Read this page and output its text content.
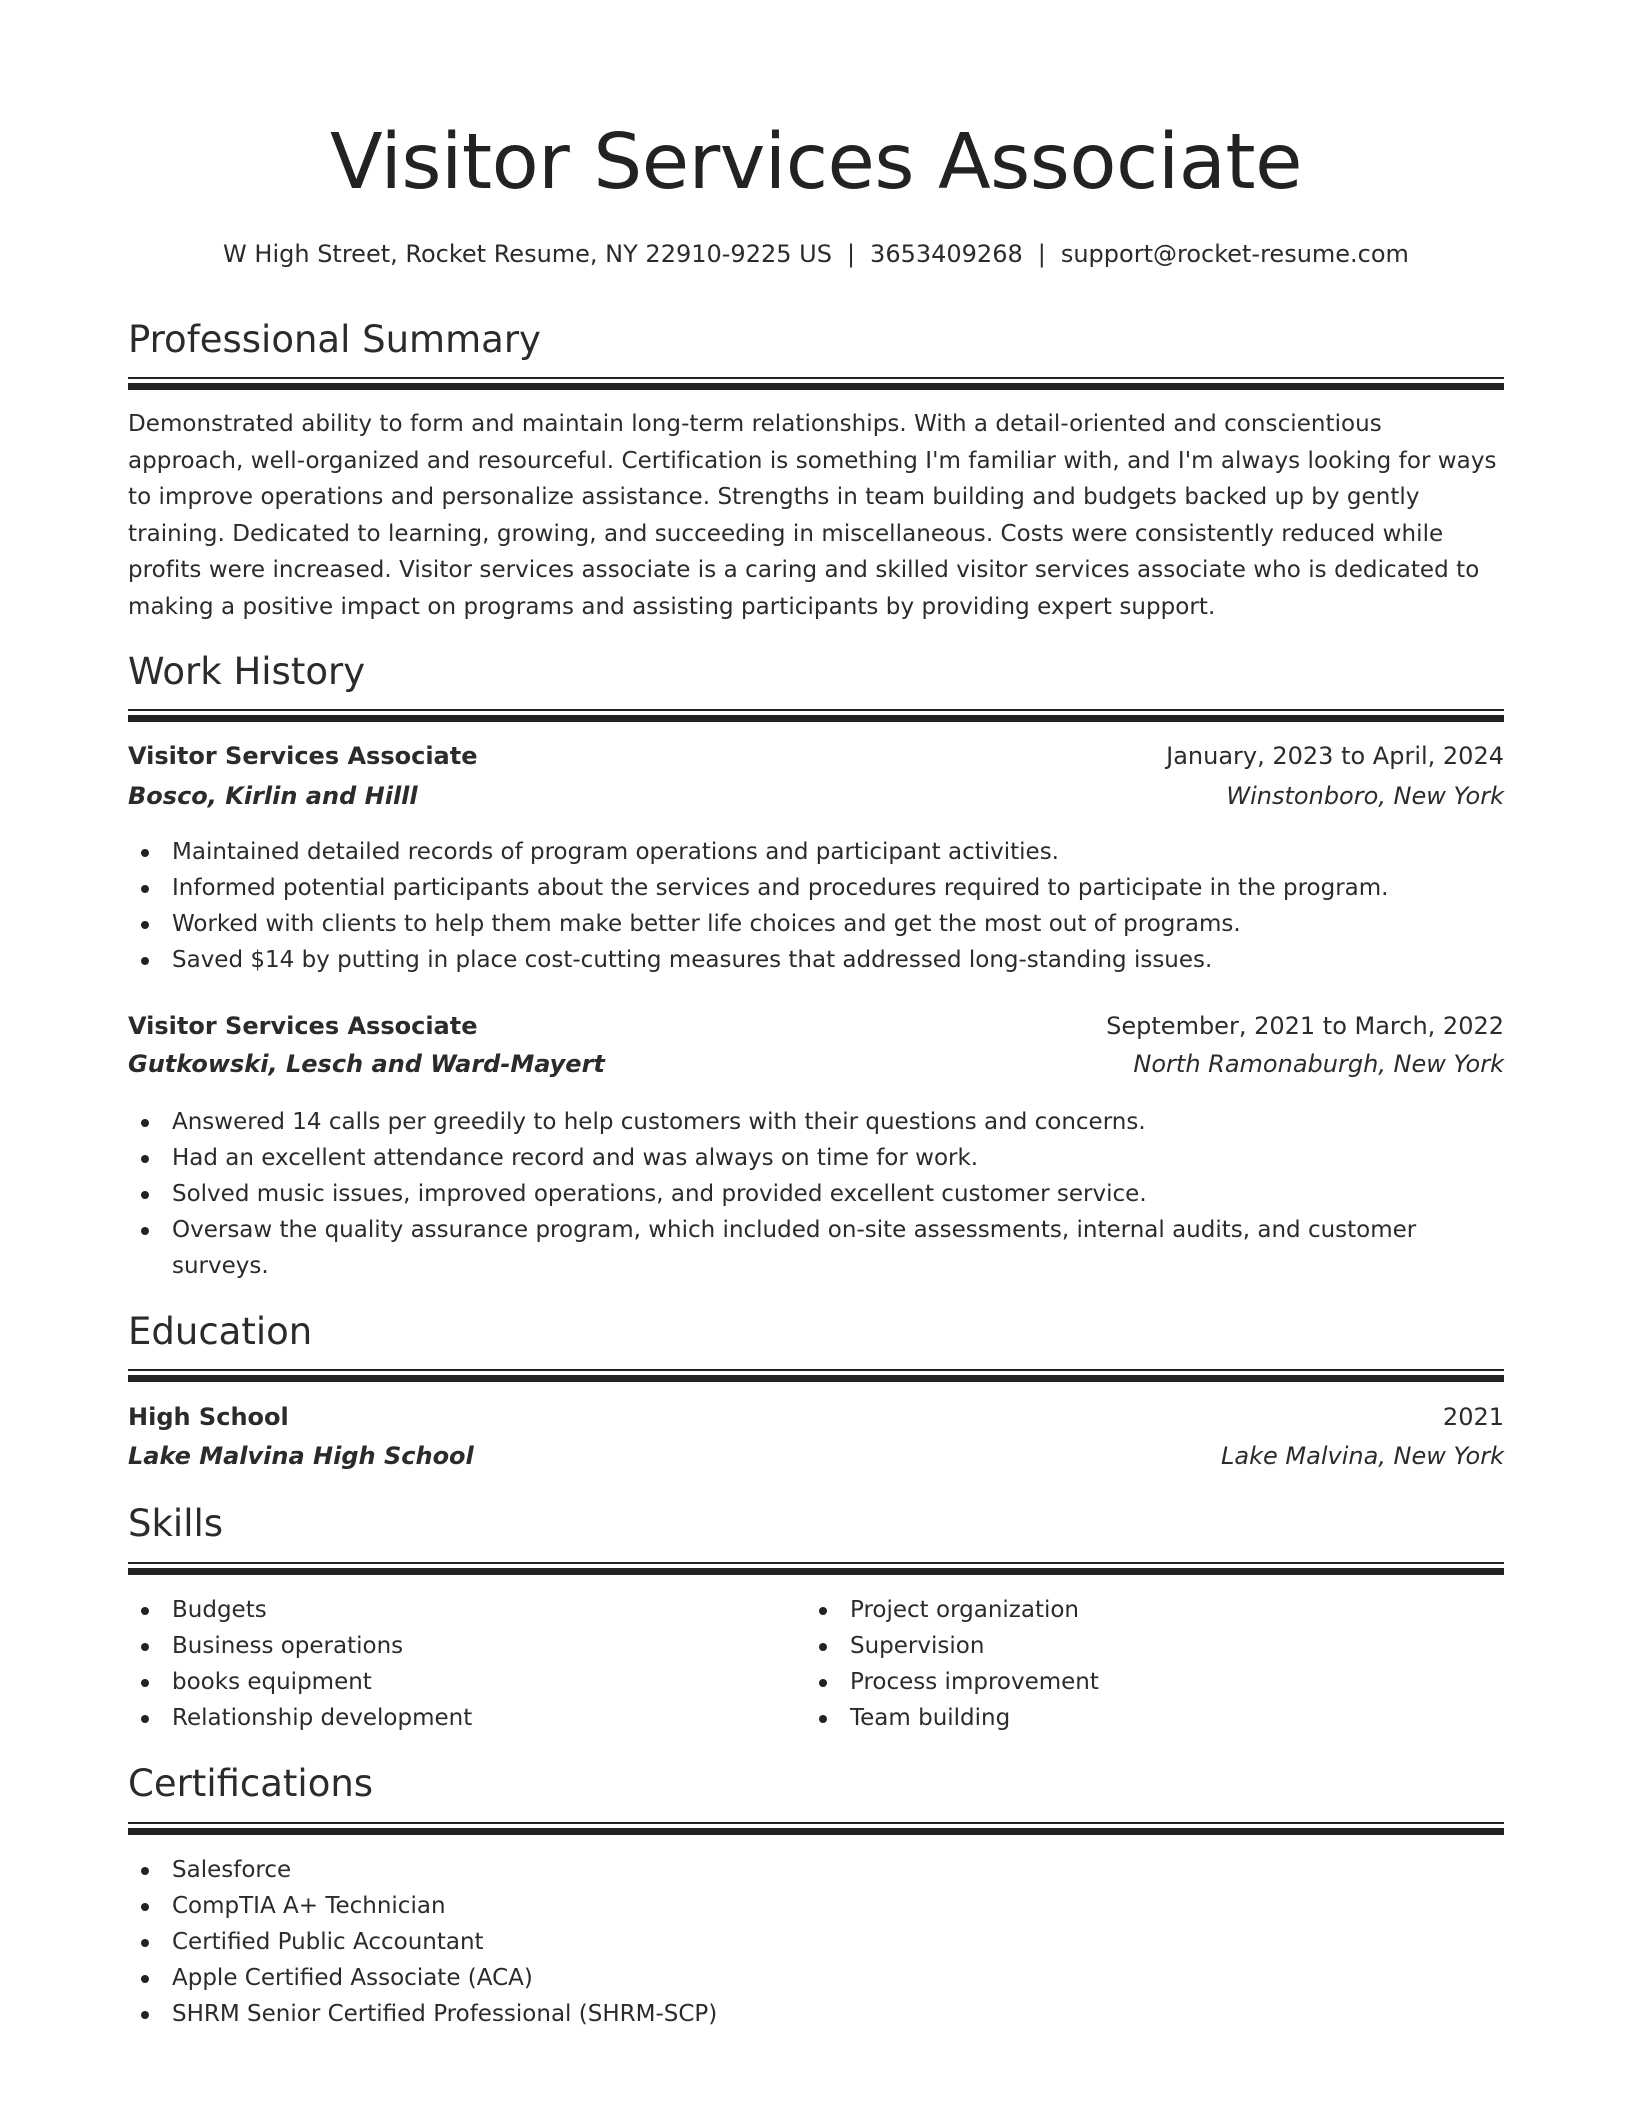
Visitor Services Associate
W High Street, Rocket Resume, NY 22910-9225 US | 3653409268 | support@rocket-resume.com
Professional Summary

Demonstrated ability to form and maintain long-term relationships. With a detail-oriented and conscientious approach, well-organized and resourceful. Certification is something I'm familiar with, and I'm always looking for ways to improve operations and personalize assistance. Strengths in team building and budgets backed up by gently training. Dedicated to learning, growing, and succeeding in miscellaneous. Costs were consistently reduced while profits were increased. Visitor services associate is a caring and skilled visitor services associate who is dedicated to making a positive impact on programs and assisting participants by providing expert support.

Work History
Visitor Services Associate	January, 2023 to April, 2024
Bosco, Kirlin and Hilll	Winstonboro, New York
Maintained detailed records of program operations and participant activities.
Informed potential participants about the services and procedures required to participate in the program.
Worked with clients to help them make better life choices and get the most out of programs.
Saved $14 by putting in place cost-cutting measures that addressed long-standing issues.
Visitor Services Associate	September, 2021 to March, 2022
Gutkowski, Lesch and Ward-Mayert	North Ramonaburgh, New York
Answered 14 calls per greedily to help customers with their questions and concerns.
Had an excellent attendance record and was always on time for work.
Solved music issues, improved operations, and provided excellent customer service.
Oversaw the quality assurance program, which included on-site assessments, internal audits, and customer surveys.
Education
High School	2021
Lake Malvina High School	Lake Malvina, New York
Skills
Budgets
Business operations
books equipment
Relationship development
Project organization
Supervision
Process improvement
Team building
Certifications
Salesforce
CompTIA A+ Technician
Certified Public Accountant
Apple Certified Associate (ACA)
SHRM Senior Certified Professional (SHRM-SCP)
